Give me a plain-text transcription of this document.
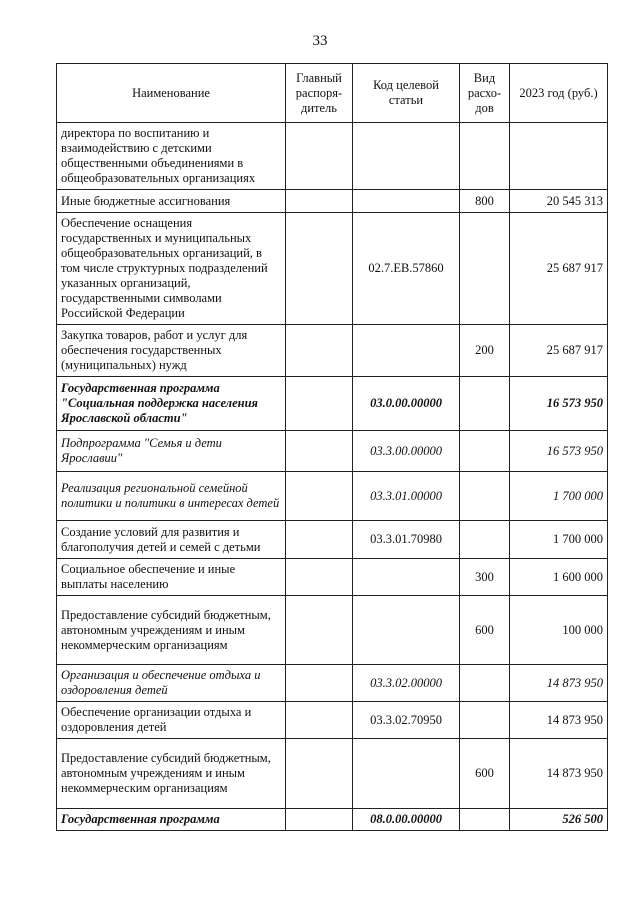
33
Наименование	Главный распоря-дитель	Код целевой статьи	Вид расхо-дов	2023 год (руб.)
директора по воспитанию и взаимодействию с детскими общественными объединениями в общеобразовательных организациях				
Иные бюджетные ассигнования			800	20 545 313
Обеспечение оснащения государственных и муниципальных общеобразовательных организаций, в том числе структурных подразделений указанных организаций, государственными символами Российской Федерации		02.7.ЕВ.57860		25 687 917
Закупка товаров, работ и услуг для обеспечения государственных (муниципальных) нужд			200	25 687 917
Государственная программа "Социальная поддержка населения Ярославской области"		03.0.00.00000		16 573 950
Подпрограмма "Семья и дети Ярославии"		03.3.00.00000		16 573 950
Реализация региональной семейной политики и политики в интересах детей		03.3.01.00000		1 700 000
Создание условий для развития и благополучия детей и семей с детьми		03.3.01.70980		1 700 000
Социальное обеспечение и иные выплаты населению			300	1 600 000
Предоставление субсидий бюджетным, автономным учреждениям и иным некоммерческим организациям			600	100 000
Организация и обеспечение отдыха и оздоровления детей		03.3.02.00000		14 873 950
Обеспечение организации отдыха и оздоровления детей		03.3.02.70950		14 873 950
Предоставление субсидий бюджетным, автономным учреждениям и иным некоммерческим организациям			600	14 873 950
Государственная программа		08.0.00.00000		526 500
